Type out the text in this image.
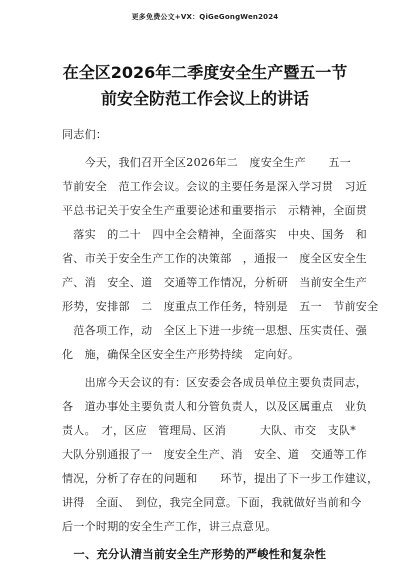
更多免费公文+VX：QiGeGongWen2024
在全区2026年二季度安全生产暨五一节
前安全防范工作会议上的讲话
同志们：
　　今天，我们召开全区2026年二　度安全生产　　五一
节前安全　范工作会议。会议的主要任务是深入学习贯　习近
平总书记关于安全生产重要论述和重要指示　示精神，全面贯
　落实　的二十　四中全会精神，全面落实　中央、国务　和
省、市关于安全生产工作的决策部　，通报一　度全区安全生
产、消　安全、道　交通等工作情况，分析研　当前安全生产
形势，安排部　二　度重点工作任务，特别是　五一　节前安全
　范各项工作，动　全区上下进一步统一思想、压实责任、强
化　施，确保全区安全生产形势持续　定向好。
　　出席今天会议的有：区安委会各成员单位主要负责同志，
各　道办事处主要负责人和分管负责人，以及区属重点　业负
责人。　才，区应　管理局、区消　　　大队、市交　支队*
大队分别通报了一　度安全生产、消　安全、道　交通等工作
情况，分析了存在的问题和　　环节，提出了下一步工作建议，
讲得　全面、　到位，我完全同意。下面，我就做好当前和今
后一个时期的安全生产工作，讲三点意见。
　一、充分认清当前安全生产形势的严峻性和复杂性
